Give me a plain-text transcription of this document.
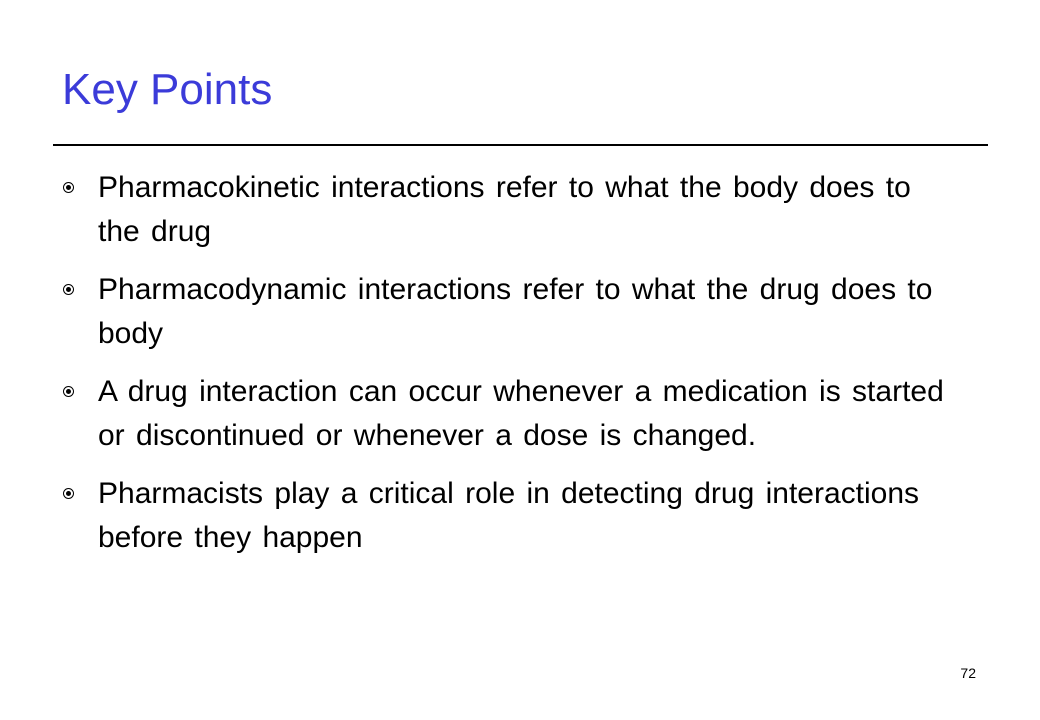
Key Points
Pharmacokinetic interactions refer to what the body does to the drug
Pharmacodynamic interactions refer to what the drug does to body
A drug interaction can occur whenever a medication is started or discontinued or whenever a dose is changed.
Pharmacists play a critical role in detecting drug interactions before they happen
72
